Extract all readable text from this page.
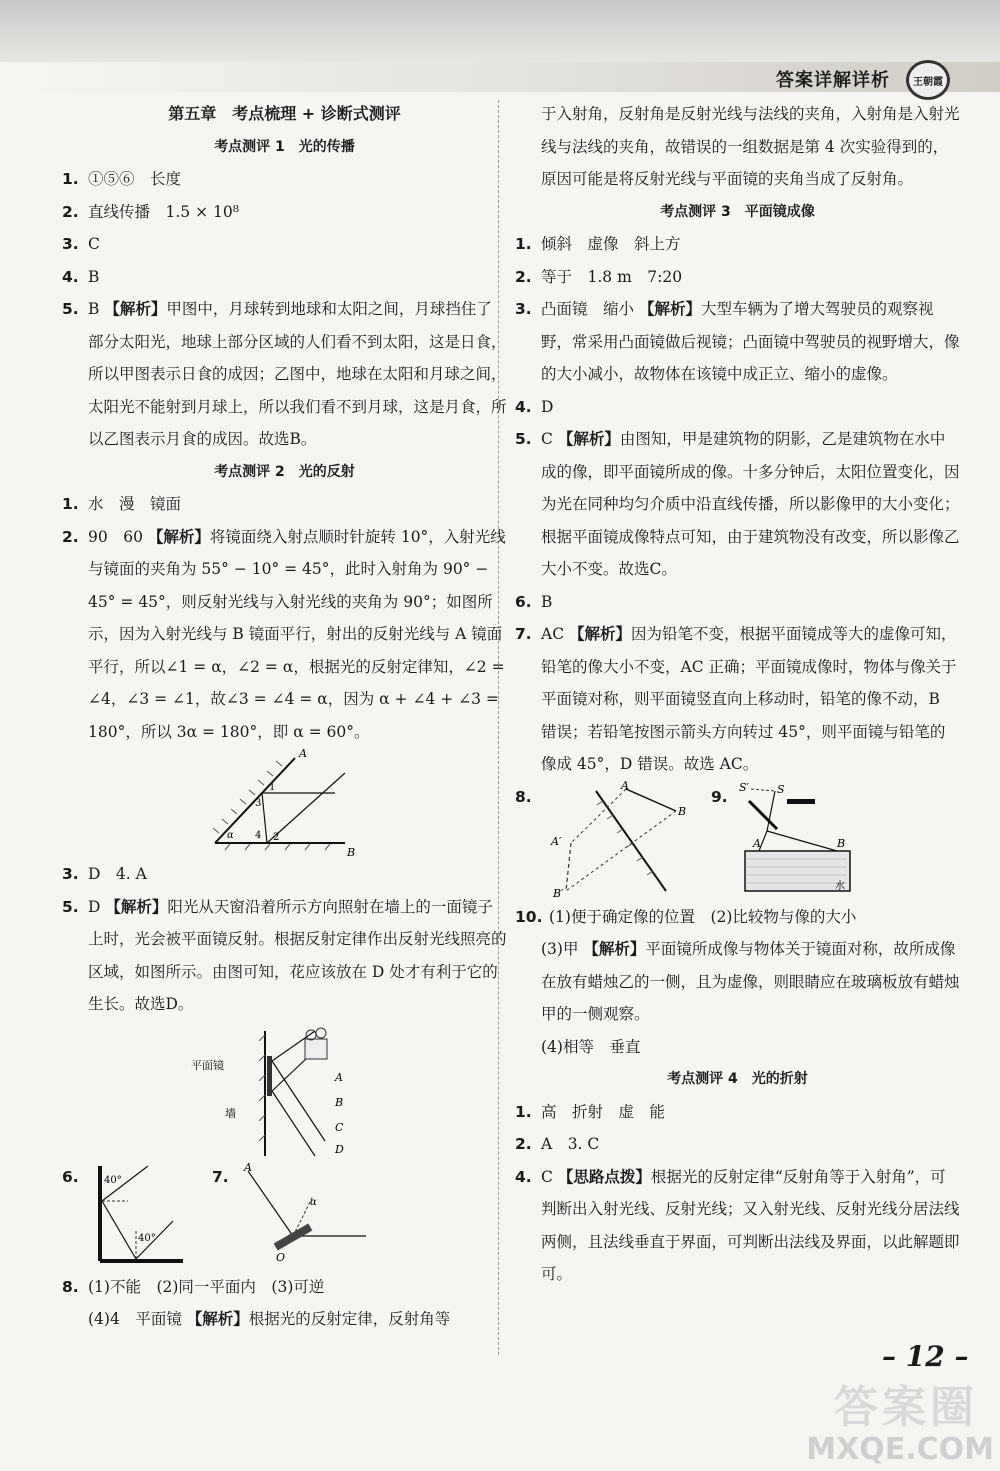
答案详解详析	王朝霞
第五章　考点梳理 + 诊断式测评
考点测评 1　光的传播
1. ①⑤⑥　长度
2. 直线传播　1.5 × 10⁸
3. C
4. B
5. B 【解析】甲图中，月球转到地球和太阳之间，月球挡住了部分太阳光，地球上部分区域的人们看不到太阳，这是日食，所以甲图表示日食的成因；乙图中，地球在太阳和月球之间，太阳光不能射到月球上，所以我们看不到月球，这是月食，所以乙图表示月食的成因。故选B。
考点测评 2　光的反射
1. 水　漫　镜面
2. 90　60 【解析】将镜面绕入射点顺时针旋转 10°，入射光线与镜面的夹角为 55° − 10° = 45°，此时入射角为 90° − 45° = 45°，则反射光线与入射光线的夹角为 90°；如图所示，因为入射光线与 B 镜面平行，射出的反射光线与 A 镜面平行，所以∠1 = α，∠2 = α，根据光的反射定律知，∠2 = ∠4，∠3 = ∠1，故∠3 = ∠4 = α，因为 α + ∠4 + ∠3 = 180°，所以 3α = 180°，即 α = 60°。
A
B
1
2
3
4
α
3. D　4. A
5. D 【解析】阳光从天窗沿着所示方向照射在墙上的一面镜子上时，光会被平面镜反射。根据反射定律作出反射光线照亮的区域，如图所示。由图可知，花应该放在 D 处才有利于它的生长。故选D。
平面镜
墙
A
B
C
D
6.	40°
40°
7.
A
O
α
8. (1)不能　(2)同一平面内　(3)可逆
(4)4　平面镜 【解析】根据光的反射定律，反射角等
于入射角，反射角是反射光线与法线的夹角，入射角是入射光线与法线的夹角，故错误的一组数据是第 4 次实验得到的，原因可能是将反射光线与平面镜的夹角当成了反射角。
考点测评 3　平面镜成像
1. 倾斜　虚像　斜上方
2. 等于　1.8 m　7:20
3. 凸面镜　缩小 【解析】大型车辆为了增大驾驶员的观察视野，常采用凸面镜做后视镜；凸面镜中驾驶员的视野增大，像的大小减小，故物体在该镜中成正立、缩小的虚像。
4. D
5. C 【解析】由图知，甲是建筑物的阴影，乙是建筑物在水中成的像，即平面镜所成的像。十多分钟后，太阳位置变化，因为光在同种均匀介质中沿直线传播，所以影像甲的大小变化；根据平面镜成像特点可知，由于建筑物没有改变，所以影像乙大小不变。故选C。
6. B
7. AC 【解析】因为铅笔不变，根据平面镜成等大的虚像可知，铅笔的像大小不变，AC 正确；平面镜成像时，物体与像关于平面镜对称，则平面镜竖直向上移动时，铅笔的像不动，B 错误；若铅笔按图示箭头方向转过 45°，则平面镜与铅笔的像成 45°，D 错误。故选 AC。
8.
A
B
A′
B′
9.
S′	S
A	B
水
10. (1)便于确定像的位置　(2)比较物与像的大小
(3)甲 【解析】平面镜所成像与物体关于镜面对称，故所成像在放有蜡烛乙的一侧，且为虚像，则眼睛应在玻璃板放有蜡烛甲的一侧观察。
(4)相等　垂直
考点测评 4　光的折射
1. 高　折射　虚　能
2. A　3. C
4. C 【思路点拨】根据光的反射定律“反射角等于入射角”，可判断出入射光线、反射光线；又入射光线、反射光线分居法线两侧，且法线垂直于界面，可判断出法线及界面，以此解题即可。
– 12 –
答案圈
MXQE.COM
